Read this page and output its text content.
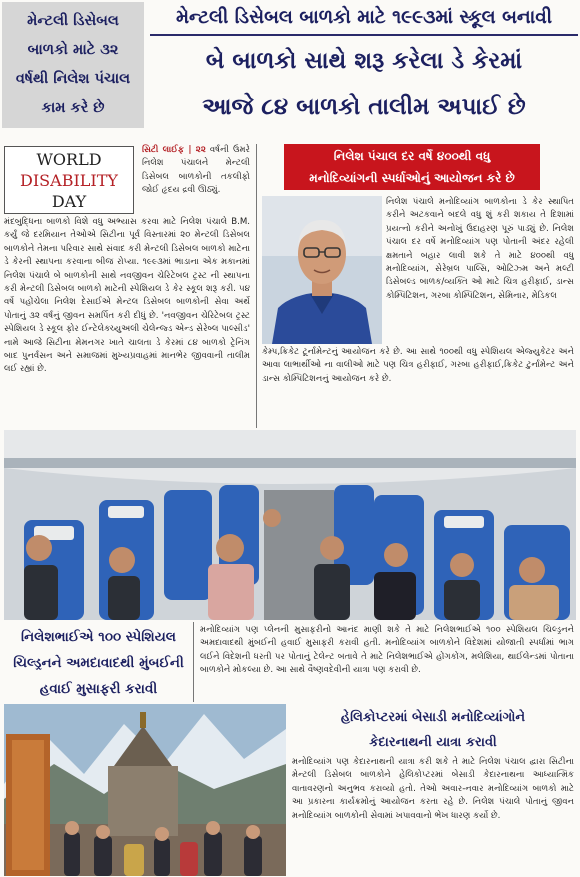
મેન્ટલી ડિસેબલ
બાળકો માટે ૩૨
વર્ષથી નિલેશ પંચાલ
કામ કરે છે
મેન્ટલી ડિસેબલ બાળકો માટે ૧૯૯૩માં સ્કૂલ બનાવી
બે બાળકો સાથે શરૂ કરેલા ડે કેરમાં
આજે ૮૪ બાળકો તાલીમ અપાઈ છે
WORLD
DISABILITY
DAY
સિટી લાઈફ | ૨૨ વર્ષની ઉંમરે નિલેશ પંચાલને મેન્ટલી ડિસેબલ બાળકોની તકલીફો જોઈ હૃદય દ્રવી ઊઠ્યું.
મંદબુદ્ધિના બાળકો વિશે વધુ અભ્યાસ કરવા માટે નિલેશ પંચાલે B.M. કર્યું જે દરમિયાન તેઓએ સિટીના પૂર્વ વિસ્તારમાં ૨૦ મેન્ટલી ડિસેબલ બાળકોને તેમના પરિવાર સાથે સંવાદ કરી મેન્ટલી ડિસેબલ બાળકો માટેના ડે કેરની સ્થાપના કરવાના બીજ રોપ્યા. ૧૯૯૩માં ભાડાના એક મકાનમાં નિલેશ પંચાલે બે બાળકોની સાથે નવજીવન ચેરિટેબલ ટ્રસ્ટ ની સ્થાપના કરી મેન્ટલી ડિસેબલ બાળકો માટેની સ્પેશિયલ ડે કેર સ્કૂલ શરૂ કરી. ૫૪ વર્ષે પહોંચેલા નિલેશ દેસાઈએ મેન્ટલ ડિસેબલ બાળકોની સેવા અર્થે પોતાનું ૩૨ વર્ષનું જીવન સમર્પિત કરી દીધું છે. 'નવજીવન ચેરિટેબલ ટ્રસ્ટ સ્પેશિયલ ડે સ્કૂલ ફોર ઈન્ટેલેક્ચ્યુઅલી ચેલેન્જ્ડ એન્ડ સેરેબ્લ પાલ્સીડ' નામે આજે સિટીના મેમનગર ખાતે ચાલતા ડે કેરમાં ૮૪ બાળકો ટ્રેનિંગ બાદ પુનર્વસન અને સમાજમાં મુખ્યપ્રવાહમાં માનભેર જીવવાની તાલીમ લઈ રહ્યાં છે.
નિલેશ પંચાલ દર વર્ષે ૪૦૦થી વધુ
મનોદિવ્યાંગની સ્પર્ધાઓનું આયોજન કરે છે
નિલેશ પંચાલે મનોદિવ્યાંગ બાળકોના ડે કેર સ્થાપિત કરીને અટકવાને બદલે વધુ શું કરી શકાય તે દિશામાં પ્રયત્નો કરીને અનોખું ઉદાહરણ પૂરું પાડ્યું છે. નિલેશ પંચાલ દર વર્ષે મનોદિવ્યાંગ પણ પોતાની અંદર રહેલી ક્ષમતાને બહાર લાવી શકે તે માટે ૪૦૦થી વધુ મનોદિવ્યાંગ, સેરેબ્રલ પાલ્સિ, ઓટિઝ્મ અને મલ્ટી ડિસેબલ્ડ બાળક/વ્યક્તિ ઓ માટે ચિત્ર હરીફાઈ, ડાન્સ કોમ્પિટિશન, ગરબા કોમ્પિટિશન, સેમિનાર, મેડિકલ
કેમ્પ,ક્રિકેટ ટૂર્નામેન્ટનું આયોજન કરે છે. આ સાથે ૧૦૦થી વધુ સ્પેશિયલ એજ્યુકેટર અને આવા લાભાર્થીઓ ના વાલીઓ માટે પણ ચિત્ર હરીફાઈ, ગરબા હરીફાઈ,ક્રિકેટ ટુર્નામેન્ટ અને ડાન્સ કોમ્પિટિશનનું આયોજન કરે છે.
નિલેશભાઈએ ૧૦૦ સ્પેશિયલ
ચિલ્ડ્રનને અમદાવાદથી મુંબઈની
હવાઈ મુસાફરી કરાવી
મનોદિવ્યાંગ પણ પ્લેનની મુસાફરીનો આનંદ માણી શકે તે માટે નિલેશભાઈએ ૧૦૦ સ્પેશિયલ ચિલ્ડ્રનને અમદાવાદથી મુંબઈની હવાઈ મુસાફરી કરાવી હતી. મનોદિવ્યાંગ બાળકોને વિદેશમાં યોજાતી સ્પર્ધામાં ભાગ લઈને વિદેશની ધરતી પર પોતાનું ટેલેન્ટ બતાવે તે માટે નિલેશભાઈએ હોંગકોંગ, મલેશિયા, થાઈલેન્ડમાં પોતાના બાળકોને મોકલ્યા છે. આ સાથે વૈષ્ણવદેવીની યાત્રા પણ કરાવી છે.
હેલિકોપ્ટરમાં બેસાડી મનોદિવ્યાંગોને
કેદારનાથની યાત્રા કરાવી
મનોદિવ્યાંગ પણ કેદારનાથની યાત્રા કરી શકે તે માટે નિલેશ પંચાલ દ્વારા સિટીના મેન્ટલી ડિસેબલ બાળકોને હેલિકોપ્ટરમાં બેસાડી કેદારનાથના આધ્યાત્મિક વાતાવરણનો અનુભવ કરાવ્યો હતો. તેઓ અવાર-નવાર મનોદિવ્યાંગ બાળકો માટે આ પ્રકારના કાર્યક્રમોનું આયોજન કરતા રહે છે. નિલેશ પંચાલે પોતાનું જીવન મનોદિવ્યાંગ બાળકોની સેવામાં ખપાવવાનો ભેખ ધારણ કર્યો છે.
